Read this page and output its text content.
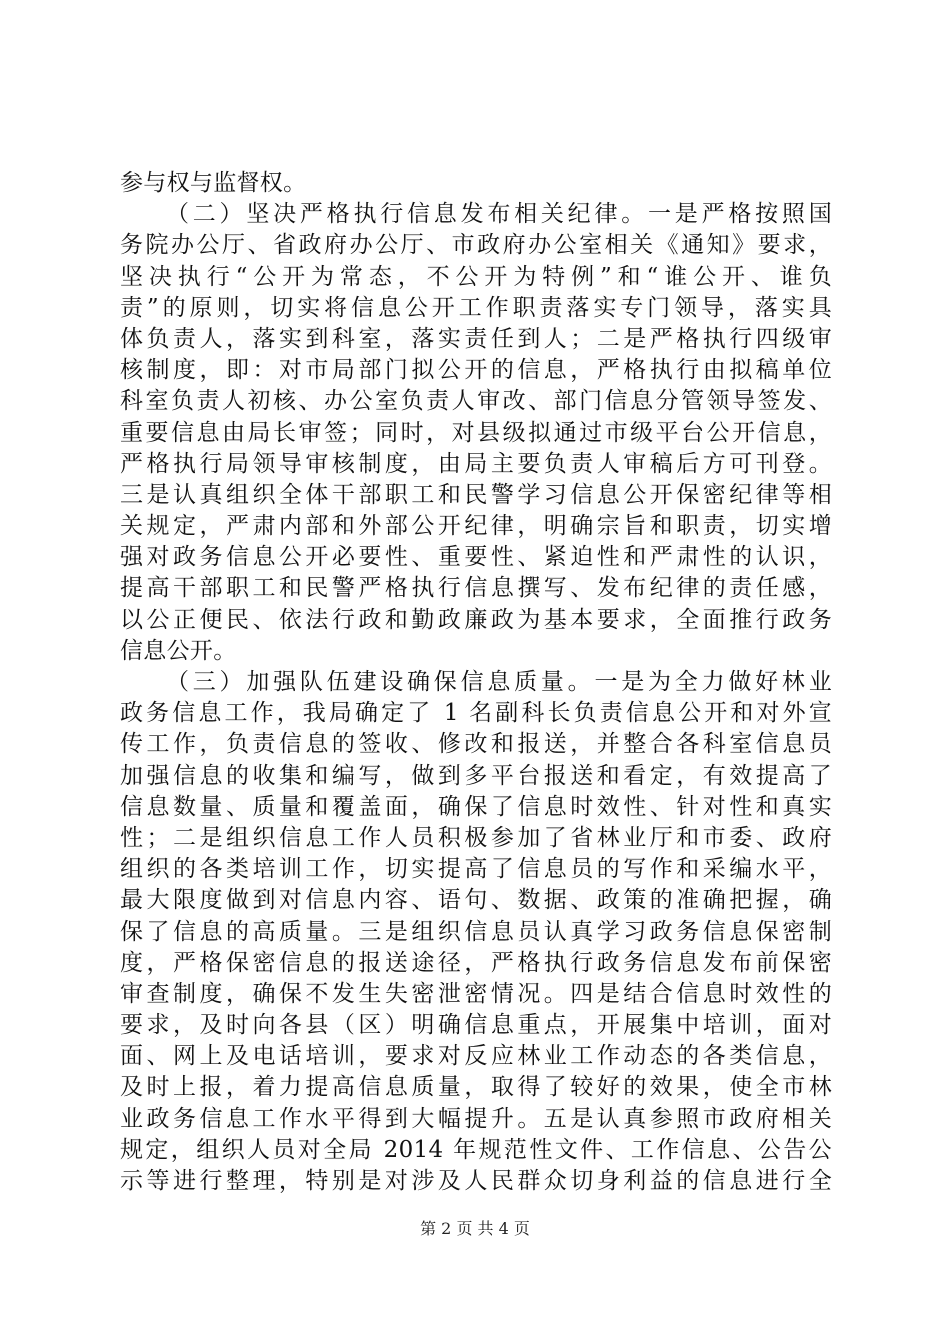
参与权与监督权。
（二）坚决严格执行信息发布相关纪律。一是严格按照国
务院办公厅、省政府办公厅、市政府办公室相关《通知》要求，
坚决执行“公开为常态，不公开为特例”和“谁公开、谁负
责”的原则，切实将信息公开工作职责落实专门领导，落实具
体负责人，落实到科室，落实责任到人；二是严格执行四级审
核制度，即：对市局部门拟公开的信息，严格执行由拟稿单位
科室负责人初核、办公室负责人审改、部门信息分管领导签发、
重要信息由局长审签；同时，对县级拟通过市级平台公开信息，
严格执行局领导审核制度，由局主要负责人审稿后方可刊登。
三是认真组织全体干部职工和民警学习信息公开保密纪律等相
关规定，严肃内部和外部公开纪律，明确宗旨和职责，切实增
强对政务信息公开必要性、重要性、紧迫性和严肃性的认识，
提高干部职工和民警严格执行信息撰写、发布纪律的责任感，
以公正便民、依法行政和勤政廉政为基本要求，全面推行政务
信息公开。
（三）加强队伍建设确保信息质量。一是为全力做好林业
政务信息工作，我局确定了 1 名副科长负责信息公开和对外宣
传工作，负责信息的签收、修改和报送，并整合各科室信息员
加强信息的收集和编写，做到多平台报送和看定，有效提高了
信息数量、质量和覆盖面，确保了信息时效性、针对性和真实
性；二是组织信息工作人员积极参加了省林业厅和市委、政府
组织的各类培训工作，切实提高了信息员的写作和采编水平，
最大限度做到对信息内容、语句、数据、政策的准确把握，确
保了信息的高质量。三是组织信息员认真学习政务信息保密制
度，严格保密信息的报送途径，严格执行政务信息发布前保密
审查制度，确保不发生失密泄密情况。四是结合信息时效性的
要求，及时向各县（区）明确信息重点，开展集中培训，面对
面、网上及电话培训，要求对反应林业工作动态的各类信息，
及时上报，着力提高信息质量，取得了较好的效果，使全市林
业政务信息工作水平得到大幅提升。五是认真参照市政府相关
规定，组织人员对全局 2014 年规范性文件、工作信息、公告公
示等进行整理，特别是对涉及人民群众切身利益的信息进行全
第 2 页 共 4 页
